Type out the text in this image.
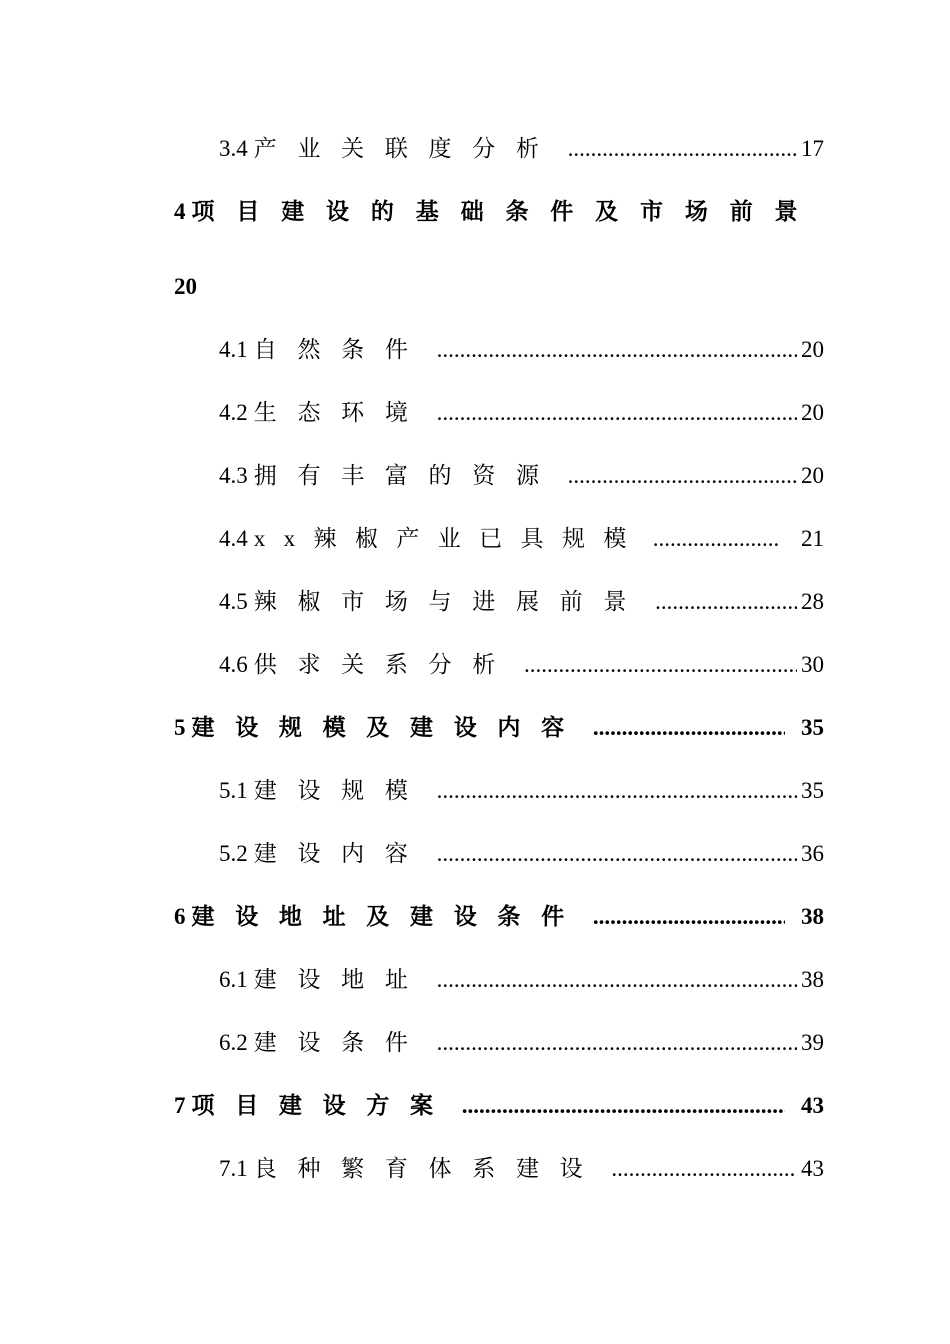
3.4 产业关联度分析 .....	17
4 项目建设的基础条件及市场前景
20
4.1 自然条件 .....	20
4.2 生态环境 .....	20
4.3 拥有丰富的资源 .....	20
4.4 xx辣椒产业已具规模 .....	21
4.5 辣椒市场与进展前景 .....	28
4.6 供求关系分析 .....	30
5 建设规模及建设内容 .....	35
5.1 建设规模 .....	35
5.2 建设内容 .....	36
6 建设地址及建设条件 .....	38
6.1 建设地址 .....	38
6.2 建设条件 .....	39
7 项目建设方案 .....	43
7.1 良种繁育体系建设 .....	43
